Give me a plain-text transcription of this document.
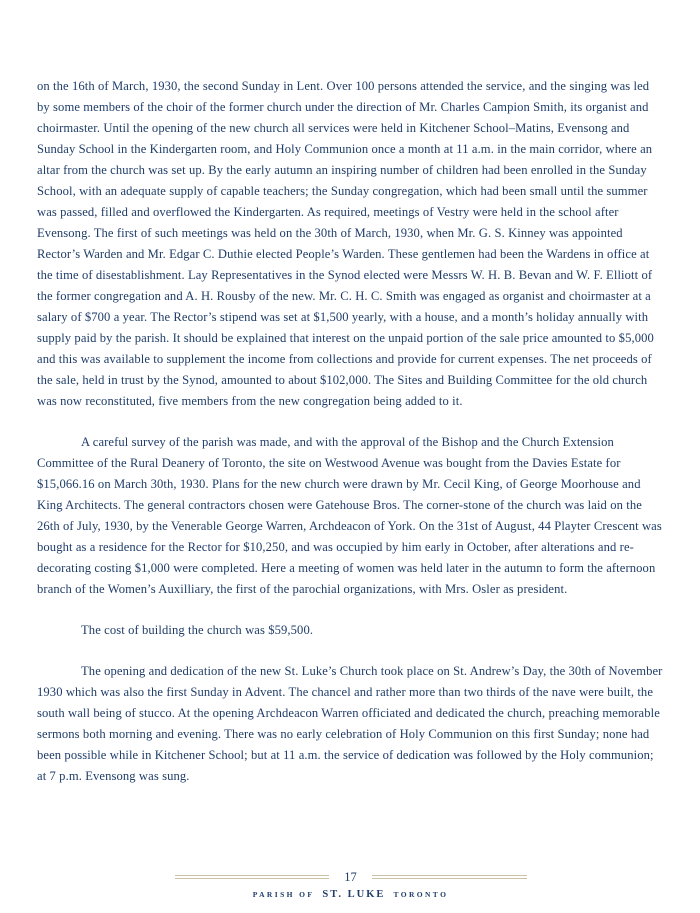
on the 16th of March, 1930, the second Sunday in Lent. Over 100 persons attended the service, and the singing was led by some members of the choir of the former church under the direction of Mr. Charles Campion Smith, its organist and choirmaster. Until the opening of the new church all services were held in Kitchener School–Matins, Evensong and Sunday School in the Kindergarten room, and Holy Communion once a month at 11 a.m. in the main corridor, where an altar from the church was set up. By the early autumn an inspiring number of children had been enrolled in the Sunday School, with an adequate supply of capable teachers; the Sunday congregation, which had been small until the summer was passed, filled and overflowed the Kindergarten. As required, meetings of Vestry were held in the school after Evensong. The first of such meetings was held on the 30th of March, 1930, when Mr. G. S. Kinney was appointed Rector’s Warden and Mr. Edgar C. Duthie elected People’s Warden. These gentlemen had been the Wardens in office at the time of disestablishment. Lay Representatives in the Synod elected were Messrs W. H. B. Bevan and W. F. Elliott of the former congregation and A. H. Rousby of the new. Mr. C. H. C. Smith was engaged as organist and choirmaster at a salary of $700 a year. The Rector’s stipend was set at $1,500 yearly, with a house, and a month’s holiday annually with supply paid by the parish. It should be explained that interest on the unpaid portion of the sale price amounted to $5,000 and this was available to supplement the income from collections and provide for current expenses. The net proceeds of the sale, held in trust by the Synod, amounted to about $102,000. The Sites and Building Committee for the old church was now reconstituted, five members from the new congregation being added to it.

A careful survey of the parish was made, and with the approval of the Bishop and the Church Extension Committee of the Rural Deanery of Toronto, the site on Westwood Avenue was bought from the Davies Estate for $15,066.16 on March 30th, 1930. Plans for the new church were drawn by Mr. Cecil King, of George Moorhouse and King Architects. The general contractors chosen were Gatehouse Bros. The corner-stone of the church was laid on the 26th of July, 1930, by the Venerable George Warren, Archdeacon of York. On the 31st of August, 44 Playter Crescent was bought as a residence for the Rector for $10,250, and was occupied by him early in October, after alterations and re-decorating costing $1,000 were completed. Here a meeting of women was held later in the autumn to form the afternoon branch of the Women’s Auxilliary, the first of the parochial organizations, with Mrs. Osler as president.

The cost of building the church was $59,500.

The opening and dedication of the new St. Luke’s Church took place on St. Andrew’s Day, the 30th of November 1930 which was also the first Sunday in Advent. The chancel and rather more than two thirds of the nave were built, the south wall being of stucco. At the opening Archdeacon Warren officiated and dedicated the church, preaching memorable sermons both morning and evening. There was no early celebration of Holy Communion on this first Sunday; none had been possible while in Kitchener School; but at 11 a.m. the service of dedication was followed by the Holy communion; at 7 p.m. Evensong was sung.

17
PARISH OF ST. LUKE TORONTO
